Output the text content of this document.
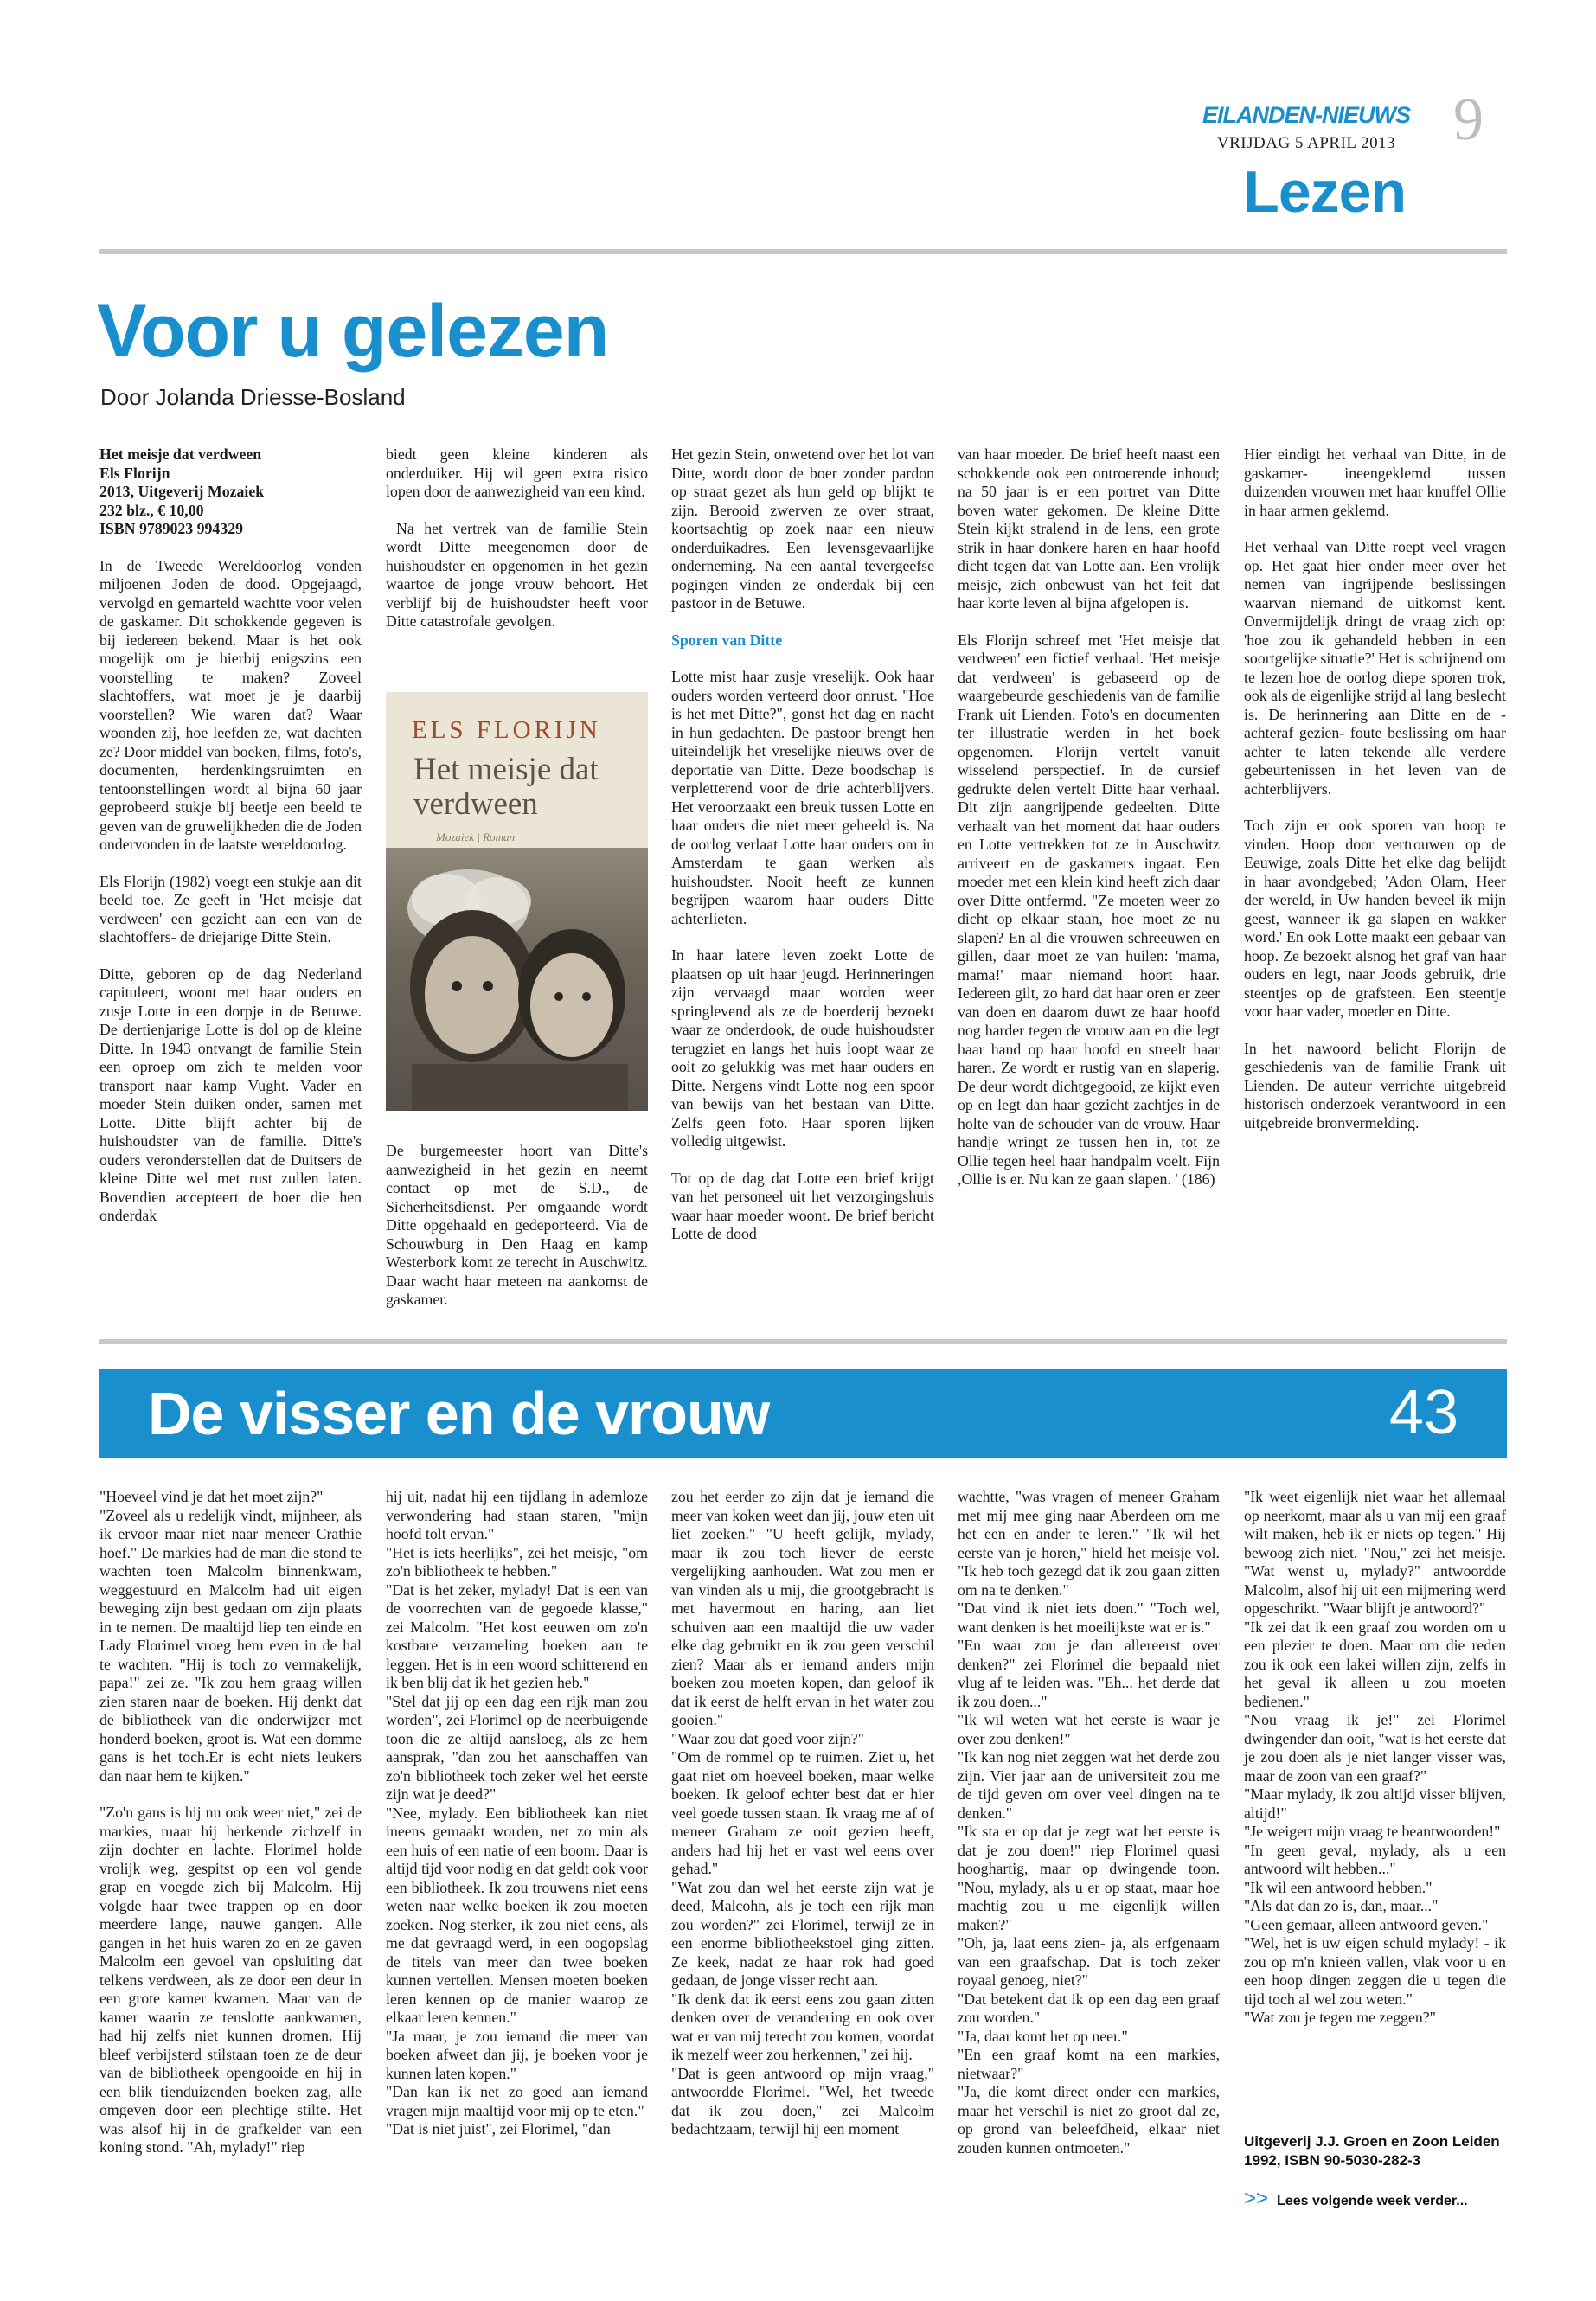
EILANDEN-NIEUWS
VRIJDAG 5 APRIL 2013 9
Lezen
Voor u gelezen
Door Jolanda Driesse-Bosland
Het meisje dat verdween
Els Florijn
2013, Uitgeverij Mozaiek
232 blz., € 10,00
ISBN 9789023 994329

In de Tweede Wereldoorlog vonden miljoenen Joden de dood. Opgejaagd, vervolgd en gemarteld wachtte voor velen de gaskamer. Dit schokkende gegeven is bij iedereen bekend. Maar is het ook mogelijk om je hierbij enigszins een voorstelling te maken? Zoveel slachtoffers, wat moet je je daarbij voorstellen? Wie waren dat? Waar woonden zij, hoe leefden ze, wat dachten ze? Door middel van boeken, films, foto's, documenten, herdenkingsruimten en tentoonstellingen wordt al bijna 60 jaar geprobeerd stukje bij beetje een beeld te geven van de gruwelijkheden die de Joden ondervonden in de laatste wereldoorlog.

Els Florijn (1982) voegt een stukje aan dit beeld toe. Ze geeft in 'Het meisje dat verdween' een gezicht aan een van de slachtoffers- de driejarige Ditte Stein.

Ditte, geboren op de dag Nederland capituleert, woont met haar ouders en zusje Lotte in een dorpje in de Betuwe. De dertienjarige Lotte is dol op de kleine Ditte. In 1943 ontvangt de familie Stein een oproep om zich te melden voor transport naar kamp Vught. Vader en moeder Stein duiken onder, samen met Lotte. Ditte blijft achter bij de huishoudster van de familie. Ditte's ouders veronderstellen dat de Duitsers de kleine Ditte wel met rust zullen laten. Bovendien accepteert de boer die hen onderdak

biedt geen kleine kinderen als onderduiker. Hij wil geen extra risico lopen door de aanwezigheid van een kind.

Na het vertrek van de familie Stein wordt Ditte meegenomen door de huishoudster en opgenomen in het gezin waartoe de jonge vrouw behoort. Het verblijf bij de huishoudster heeft voor Ditte catastrofale gevolgen.

ELS FLORIJN
Het meisje dat verdween
Mozaiek | Roman

De burgemeester hoort van Ditte's aanwezigheid in het gezin en neemt contact op met de S.D., de Sicherheitsdienst. Per omgaande wordt Ditte opgehaald en gedeporteerd. Via de Schouwburg in Den Haag en kamp Westerbork komt ze terecht in Auschwitz. Daar wacht haar meteen na aankomst de gaskamer.

Het gezin Stein, onwetend over het lot van Ditte, wordt door de boer zonder pardon op straat gezet als hun geld op blijkt te zijn. Berooid zwerven ze over straat, koortsachtig op zoek naar een nieuw onderduikadres. Een levensgevaarlijke onderneming. Na een aantal tevergeefse pogingen vinden ze onderdak bij een pastoor in de Betuwe.

Sporen van Ditte

Lotte mist haar zusje vreselijk. Ook haar ouders worden verteerd door onrust. "Hoe is het met Ditte?", gonst het dag en nacht in hun gedachten. De pastoor brengt hen uiteindelijk het vreselijke nieuws over de deportatie van Ditte. Deze boodschap is verpletterend voor de drie achterblijvers. Het veroorzaakt een breuk tussen Lotte en haar ouders die niet meer geheeld is. Na de oorlog verlaat Lotte haar ouders om in Amsterdam te gaan werken als huishoudster. Nooit heeft ze kunnen begrijpen waarom haar ouders Ditte achterlieten.

In haar latere leven zoekt Lotte de plaatsen op uit haar jeugd. Herinneringen zijn vervaagd maar worden weer springlevend als ze de boerderij bezoekt waar ze onderdook, de oude huishoudster terugziet en langs het huis loopt waar ze ooit zo gelukkig was met haar ouders en Ditte. Nergens vindt Lotte nog een spoor van bewijs van het bestaan van Ditte. Zelfs geen foto. Haar sporen lijken volledig uitgewist.

Tot op de dag dat Lotte een brief krijgt van het personeel uit het verzorgingshuis waar haar moeder woont. De brief bericht Lotte de dood

van haar moeder. De brief heeft naast een schokkende ook een ontroerende inhoud; na 50 jaar is er een portret van Ditte boven water gekomen. De kleine Ditte Stein kijkt stralend in de lens, een grote strik in haar donkere haren en haar hoofd dicht tegen dat van Lotte aan. Een vrolijk meisje, zich onbewust van het feit dat haar korte leven al bijna afgelopen is.

Els Florijn schreef met 'Het meisje dat verdween' een fictief verhaal. 'Het meisje dat verdween' is gebaseerd op de waargebeurde geschiedenis van de familie Frank uit Lienden. Foto's en documenten ter illustratie werden in het boek opgenomen. Florijn vertelt vanuit wisselend perspectief. In de cursief gedrukte delen vertelt Ditte haar verhaal. Dit zijn aangrijpende gedeelten. Ditte verhaalt van het moment dat haar ouders en Lotte vertrekken tot ze in Auschwitz arriveert en de gaskamers ingaat. Een moeder met een klein kind heeft zich daar over Ditte ontfermd. "Ze moeten weer zo dicht op elkaar staan, hoe moet ze nu slapen? En al die vrouwen schreeuwen en gillen, daar moet ze van huilen: 'mama, mama!' maar niemand hoort haar. Iedereen gilt, zo hard dat haar oren er zeer van doen en daarom duwt ze haar hoofd nog harder tegen de vrouw aan en die legt haar hand op haar hoofd en streelt haar haren. Ze wordt er rustig van en slaperig. De deur wordt dichtgegooid, ze kijkt even op en legt dan haar gezicht zachtjes in de holte van de schouder van de vrouw. Haar handje wringt ze tussen hen in, tot ze Ollie tegen heel haar handpalm voelt. Fijn ,Ollie is er. Nu kan ze gaan slapen. ' (186)

Hier eindigt het verhaal van Ditte, in de gaskamer- ineengeklemd tussen duizenden vrouwen met haar knuffel Ollie in haar armen geklemd.

Het verhaal van Ditte roept veel vragen op. Het gaat hier onder meer over het nemen van ingrijpende beslissingen waarvan niemand de uitkomst kent. Onvermijdelijk dringt de vraag zich op: 'hoe zou ik gehandeld hebben in een soortgelijke situatie?' Het is schrijnend om te lezen hoe de oorlog diepe sporen trok, ook als de eigenlijke strijd al lang beslecht is. De herinnering aan Ditte en de -achteraf gezien- foute beslissing om haar achter te laten tekende alle verdere gebeurtenissen in het leven van de achterblijvers.

Toch zijn er ook sporen van hoop te vinden. Hoop door vertrouwen op de Eeuwige, zoals Ditte het elke dag belijdt in haar avondgebed; 'Adon Olam, Heer der wereld, in Uw handen beveel ik mijn geest, wanneer ik ga slapen en wakker word.' En ook Lotte maakt een gebaar van hoop. Ze bezoekt alsnog het graf van haar ouders en legt, naar Joods gebruik, drie steentjes op de grafsteen. Een steentje voor haar vader, moeder en Ditte.

In het nawoord belicht Florijn de geschiedenis van de familie Frank uit Lienden. De auteur verrichte uitgebreid historisch onderzoek verantwoord in een uitgebreide bronvermelding.

De visser en de vrouw	43

"Hoeveel vind je dat het moet zijn?"

"Zoveel als u redelijk vindt, mijnheer, als ik ervoor maar niet naar meneer Crathie hoef." De markies had de man die stond te wachten toen Malcolm binnenkwam, weggestuurd en Malcolm had uit eigen beweging zijn best gedaan om zijn plaats in te nemen. De maaltijd liep ten einde en Lady Florimel vroeg hem even in de hal te wachten. "Hij is toch zo vermakelijk, papa!" zei ze. "Ik zou hem graag willen zien staren naar de boeken. Hij denkt dat de bibliotheek van die onderwijzer met honderd boeken, groot is. Wat een domme gans is het toch.Er is echt niets leukers dan naar hem te kijken."

"Zo'n gans is hij nu ook weer niet," zei de markies, maar hij herkende zichzelf in zijn dochter en lachte. Florimel holde vrolijk weg, gespitst op een vol gende grap en voegde zich bij Malcolm. Hij volgde haar twee trappen op en door meerdere lange, nauwe gangen. Alle gangen in het huis waren zo en ze gaven Malcolm een gevoel van opsluiting dat telkens verdween, als ze door een deur in een grote kamer kwamen. Maar van de kamer waarin ze tenslotte aankwamen, had hij zelfs niet kunnen dromen. Hij bleef verbijsterd stilstaan toen ze de deur van de bibliotheek opengooide en hij in een blik tienduizenden boeken zag, alle omgeven door een plechtige stilte. Het was alsof hij in de grafkelder van een koning stond. "Ah, mylady!" riep

hij uit, nadat hij een tijdlang in ademloze verwondering had staan staren, "mijn hoofd tolt ervan."

"Het is iets heerlijks", zei het meisje, "om zo'n bibliotheek te hebben."

"Dat is het zeker, mylady! Dat is een van de voorrechten van de gegoede klasse," zei Malcolm. "Het kost eeuwen om zo'n kostbare verzameling boeken aan te leggen. Het is in een woord schitterend en ik ben blij dat ik het gezien heb."

"Stel dat jij op een dag een rijk man zou worden", zei Florimel op de neerbuigende toon die ze altijd aansloeg, als ze hem aansprak, "dan zou het aanschaffen van zo'n bibliotheek toch zeker wel het eerste zijn wat je deed?"

"Nee, mylady. Een bibliotheek kan niet ineens gemaakt worden, net zo min als een huis of een natie of een boom. Daar is altijd tijd voor nodig en dat geldt ook voor een bibliotheek. Ik zou trouwens niet eens weten naar welke boeken ik zou moeten zoeken. Nog sterker, ik zou niet eens, als me dat gevraagd werd, in een oogopslag de titels van meer dan twee boeken kunnen vertellen. Mensen moeten boeken leren kennen op de manier waarop ze elkaar leren kennen."

"Ja maar, je zou iemand die meer van boeken afweet dan jij, je boeken voor je kunnen laten kopen."

"Dan kan ik net zo goed aan iemand vragen mijn maaltijd voor mij op te eten."

"Dat is niet juist", zei Florimel, "dan

zou het eerder zo zijn dat je iemand die meer van koken weet dan jij, jouw eten uit liet zoeken." "U heeft gelijk, mylady, maar ik zou toch liever de eerste vergelijking aanhouden. Wat zou men er van vinden als u mij, die grootgebracht is met havermout en haring, aan liet schuiven aan een maaltijd die uw vader elke dag gebruikt en ik zou geen verschil zien? Maar als er iemand anders mijn boeken zou moeten kopen, dan geloof ik dat ik eerst de helft ervan in het water zou gooien."

"Waar zou dat goed voor zijn?"

"Om de rommel op te ruimen. Ziet u, het gaat niet om hoeveel boeken, maar welke boeken. Ik geloof echter best dat er hier veel goede tussen staan. Ik vraag me af of meneer Graham ze ooit gezien heeft, anders had hij het er vast wel eens over gehad."

"Wat zou dan wel het eerste zijn wat je deed, Malcohn, als je toch een rijk man zou worden?" zei Florimel, terwijl ze in een enorme bibliotheekstoel ging zitten. Ze keek, nadat ze haar rok had goed gedaan, de jonge visser recht aan.

"Ik denk dat ik eerst eens zou gaan zitten denken over de verandering en ook over wat er van mij terecht zou komen, voordat ik mezelf weer zou herkennen," zei hij.

"Dat is geen antwoord op mijn vraag," antwoordde Florimel. "Wel, het tweede dat ik zou doen," zei Malcolm bedachtzaam, terwijl hij een moment

wachtte, "was vragen of meneer Graham met mij mee ging naar Aberdeen om me het een en ander te leren." "Ik wil het eerste van je horen," hield het meisje vol. "Ik heb toch gezegd dat ik zou gaan zitten om na te denken."

"Dat vind ik niet iets doen." "Toch wel, want denken is het moeilijkste wat er is."

"En waar zou je dan allereerst over denken?" zei Florimel die bepaald niet vlug af te leiden was. "Eh... het derde dat ik zou doen..."

"Ik wil weten wat het eerste is waar je over zou denken!"

"Ik kan nog niet zeggen wat het derde zou zijn. Vier jaar aan de universiteit zou me de tijd geven om over veel dingen na te denken."

"Ik sta er op dat je zegt wat het eerste is dat je zou doen!" riep Florimel quasi hooghartig, maar op dwingende toon. "Nou, mylady, als u er op staat, maar hoe machtig zou u me eigenlijk willen maken?"

"Oh, ja, laat eens zien- ja, als erfgenaam van een graafschap. Dat is toch zeker royaal genoeg, niet?"

"Dat betekent dat ik op een dag een graaf zou worden."

"Ja, daar komt het op neer."

"En een graaf komt na een markies, nietwaar?"

"Ja, die komt direct onder een markies, maar het verschil is niet zo groot dal ze, op grond van beleefdheid, elkaar niet zouden kunnen ontmoeten."

"Ik weet eigenlijk niet waar het allemaal op neerkomt, maar als u van mij een graaf wilt maken, heb ik er niets op tegen." Hij bewoog zich niet. "Nou," zei het meisje. "Wat wenst u, mylady?" antwoordde Malcolm, alsof hij uit een mijmering werd opgeschrikt. "Waar blijft je antwoord?"

"Ik zei dat ik een graaf zou worden om u een plezier te doen. Maar om die reden zou ik ook een lakei willen zijn, zelfs in het geval ik alleen u zou moeten bedienen."

"Nou vraag ik je!" zei Florimel dwingender dan ooit, "wat is het eerste dat je zou doen als je niet langer visser was, maar de zoon van een graaf?"

"Maar mylady, ik zou altijd visser blijven, altijd!"

"Je weigert mijn vraag te beantwoorden!"

"In geen geval, mylady, als u een antwoord wilt hebben..."

"Ik wil een antwoord hebben."

"Als dat dan zo is, dan, maar..."

"Geen gemaar, alleen antwoord geven."

"Wel, het is uw eigen schuld mylady! - ik zou op m'n knieën vallen, vlak voor u en een hoop dingen zeggen die u tegen die tijd toch al wel zou weten."

"Wat zou je tegen me zeggen?"

Uitgeverij J.J. Groen en Zoon Leiden
1992, ISBN 90-5030-282-3
>> Lees volgende week verder...
